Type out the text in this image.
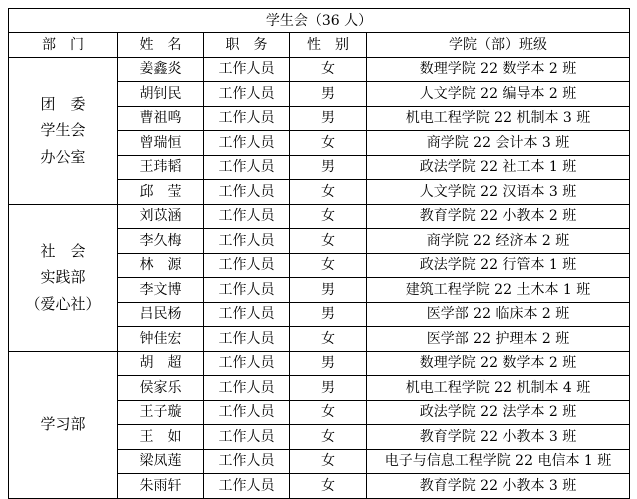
学生会（36 人）				
部　门	姓　名	职　务	性　别	学院（部）班级

团　委
学生会
办公室	姜鑫炎	工作人员	女	数理学院 22 数学本 2 班
	胡钊民	工作人员	男	人文学院 22 编导本 2 班
	曹祖鸣	工作人员	男	机电工程学院 22 机制本 3 班
	曾瑞恒	工作人员	女	商学院 22 会计本 3 班
	王玮韬	工作人员	男	政法学院 22 社工本 1 班
	邱　莹	工作人员	女	人文学院 22 汉语本 3 班

社　会
实践部
（爱心社）	刘苡涵	工作人员	女	教育学院 22 小教本 2 班
	李久梅	工作人员	女	商学院 22 经济本 2 班
	林　源	工作人员	女	政法学院 22 行管本 1 班
	李文博	工作人员	男	建筑工程学院 22 土木本 1 班
	吕民杨	工作人员	男	医学部 22 临床本 2 班
	钟佳宏	工作人员	女	医学部 22 护理本 2 班

学习部	胡　超	工作人员	男	数理学院 22 数学本 2 班
	侯家乐	工作人员	男	机电工程学院 22 机制本 4 班
	王子璇	工作人员	女	政法学院 22 法学本 2 班
	王　如	工作人员	女	教育学院 22 小教本 3 班
	梁凤莲	工作人员	女	电子与信息工程学院 22 电信本 1 班
	朱雨轩	工作人员	女	教育学院 22 小教本 3 班
